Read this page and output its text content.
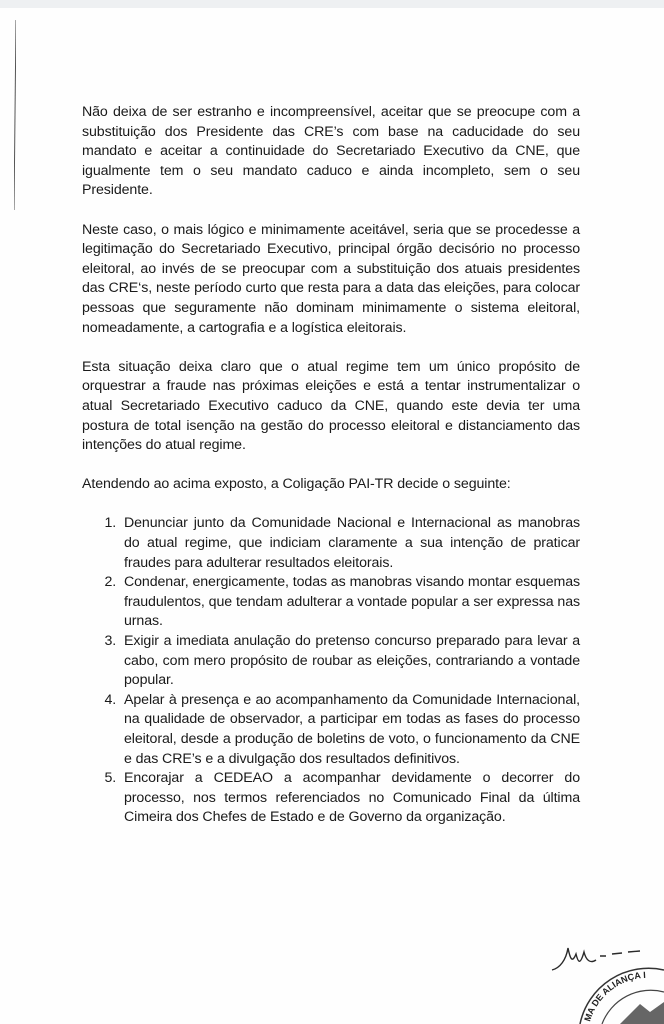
Não deixa de ser estranho e incompreensível, aceitar que se preocupe com a substituição dos Presidente das CRE’s com base na caducidade do seu mandato e aceitar a continuidade do Secretariado Executivo da CNE, que igualmente tem o seu mandato caduco e ainda incompleto, sem o seu Presidente.

Neste caso, o mais lógico e minimamente aceitável, seria que se procedesse a legitimação do Secretariado Executivo, principal órgão decisório no processo eleitoral, ao invés de se preocupar com a substituição dos atuais presidentes das CRE‘s, neste período curto que resta para a data das eleições, para colocar pessoas que seguramente não dominam minimamente o sistema eleitoral, nomeadamente, a cartografia e a logística eleitorais.

Esta situação deixa claro que o atual regime tem um único propósito de orquestrar a fraude nas próximas eleições e está a tentar instrumentalizar o atual Secretariado Executivo caduco da CNE, quando este devia ter uma postura de total isenção na gestão do processo eleitoral e distanciamento das intenções do atual regime.

Atendendo ao acima exposto, a Coligação PAI-TR decide o seguinte:

1. Denunciar junto da Comunidade Nacional e Internacional as manobras do atual regime, que indiciam claramente a sua intenção de praticar fraudes para adulterar resultados eleitorais.
2. Condenar, energicamente, todas as manobras visando montar esquemas fraudulentos, que tendam adulterar a vontade popular a ser expressa nas urnas.
3. Exigir a imediata anulação do pretenso concurso preparado para levar a cabo, com mero propósito de roubar as eleições, contrariando a vontade popular.
4. Apelar à presença e ao acompanhamento da Comunidade Internacional, na qualidade de observador, a participar em todas as fases do processo eleitoral, desde a produção de boletins de voto, o funcionamento da CNE e das CRE’s e a divulgação dos resultados definitivos.
5. Encorajar a CEDEAO a acompanhar devidamente o decorrer do processo, nos termos referenciados no Comunicado Final da última Cimeira dos Chefes de Estado e de Governo da organização.
MA DE ALIANÇA I
